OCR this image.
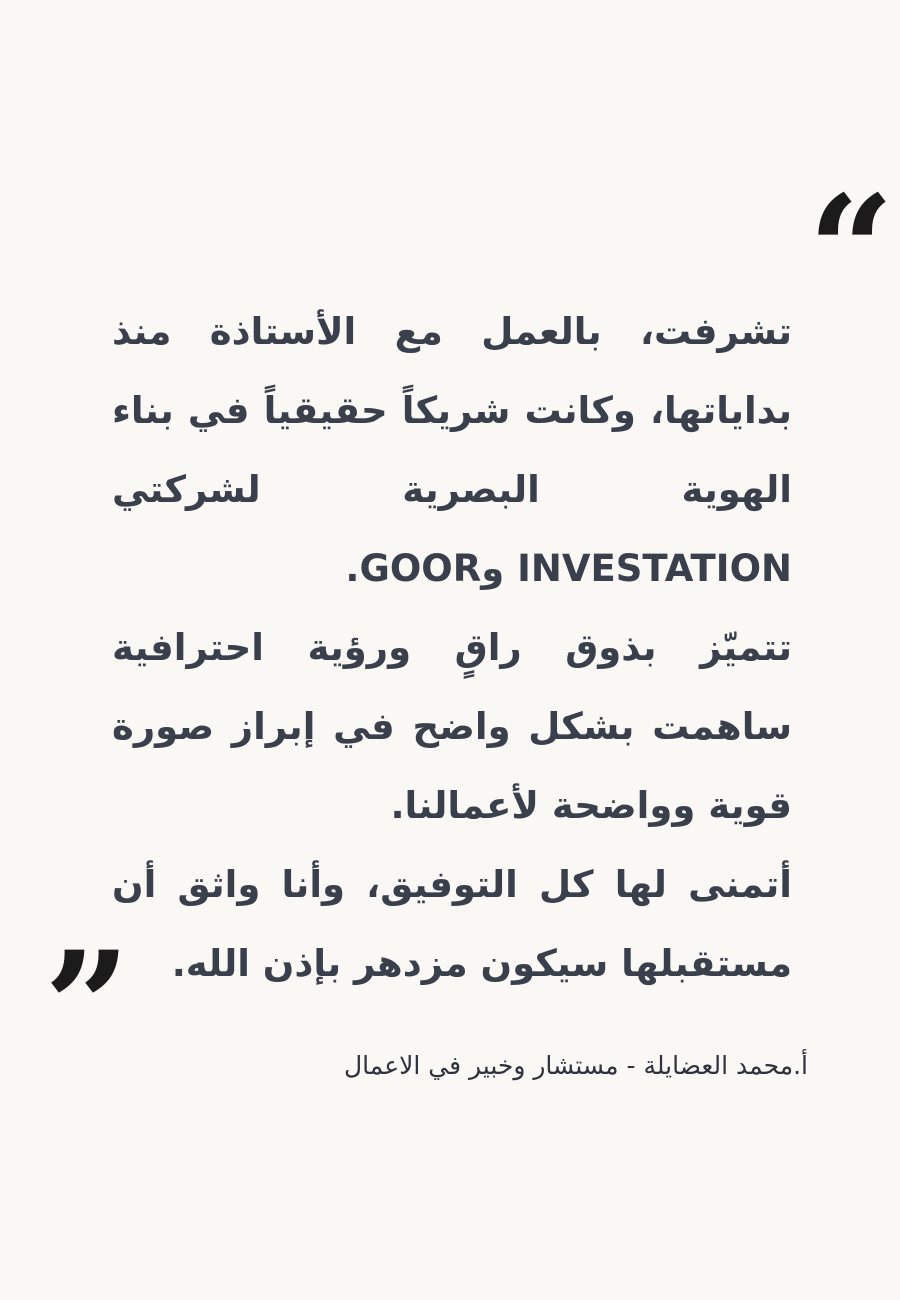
“

تشرفت، بالعمل مع الأستاذة منذ بداياتها، وكانت شريكاً حقيقياً في بناء الهوية البصرية لشركتي INVESTATION وGOOR.

تتميّز بذوق راقٍ ورؤية احترافية ساهمت بشكل واضح في إبراز صورة قوية وواضحة لأعمالنا.

أتمنى لها كل التوفيق، وأنا واثق أن مستقبلها سيكون مزدهر بإذن الله.

”	أ.محمد العضايلة - مستشار وخبير في الاعمال
